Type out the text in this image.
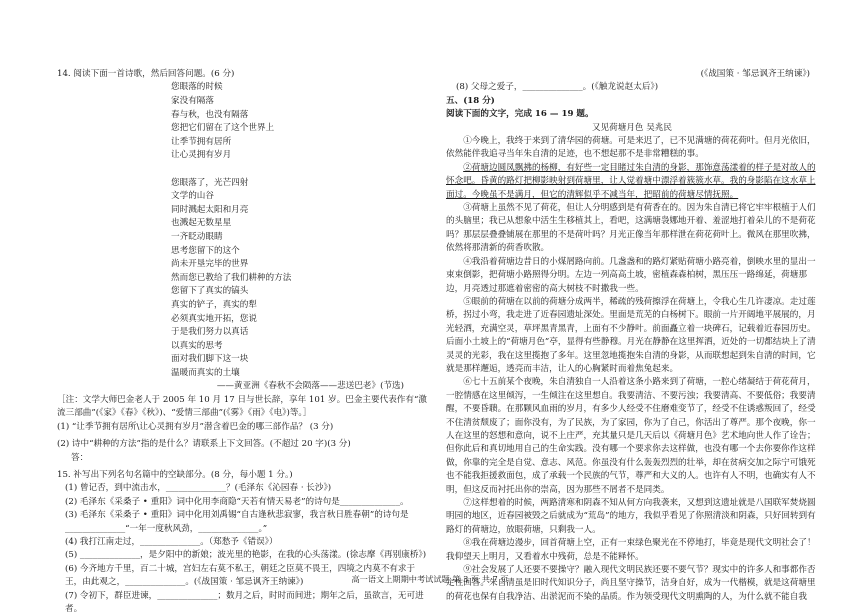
14. 阅读下面一首诗歌，然后回答问题。(6 分)

您眼落的时候

家没有隔落

春与秋，也没有隔落

您把它们留在了这个世界上

让季节拥有居所

让心灵拥有岁月

您眼落了，光芒四射

文学的山谷

同时溅起太阳和月亮

也溅起无数星星

一齐眨动眼睛

思考您留下的这个

尚未开垦完毕的世界

然而您已教给了我们耕种的方法

您留下了真实的镐头

真实的铲子，真实的犁

必须真实地开拓，您说

于是我们努力以真话

以真实的思考

面对我们脚下这一块

温暖而真实的土壤

——黄亚洲《春秋不会陨落——悲送巴老》(节选)

［注：文学大师巴金老人于 2005 年 10 月 17 日与世长辞，享年 101 岁。巴金主要代表作有“激流三部曲”(《家》《春》《秋》)、“爱情三部曲”(《雾》《雨》《电》)等。］

(1) “让季节拥有居所\让心灵拥有岁月”潜含着巴金的哪三部作品？ (3 分)

(2) 诗中“耕种的方法”指的是什么？请联系上下文回答。(不超过 20 字)(3 分)

答：

15. 补写出下列名句名篇中的空缺部分。(8 分，每小题 1 分。)

(1) 曾记否，到中流击水，______________？(毛泽东《沁园春 · 长沙》)

(2) 毛泽东《采桑子 • 重阳》词中化用李商隐“天若有情天易老”的诗句是______________。

(3) 毛泽东《采桑子 • 重阳》词中化用刘禹锡“自古逢秋悲寂寥，我言秋日胜春朝”的诗句是______________“一年一度秋风劲，______________。”

(4) 我打江南走过，______________。（郑愁予《错误》）

(5) ______________，是夕阳中的新娘；波光里的艳影，在我的心头荡漾。(徐志摩《再别康桥》)

(6) 今齐地方千里，百二十城，宫妇左右莫不私王，朝廷之臣莫不畏王，四境之内莫不有求于王，由此观之，______________。(《战国策 · 邹忌讽齐王纳谏》)

(7) 令初下，群臣进谏，______________；数月之后，时时而间进；期年之后，虽欲言，无可进者。

(《战国策 · 邹忌讽齐王纳谏》)

(8) 父母之爱子，______________。(《触龙说赵太后》)

五、(18 分)

阅读下面的文字，完成 16 — 19 题。

又见荷塘月色 吴兆民

①今晚上，我终于来到了清华园的荷塘。可是来迟了，已不见满塘的荷花荷叶。但月光依旧，依然能伴我追寻当年朱自清的足迹，也不想起那不是非常糟糕的事。

②荷塘边圆凤飘拂的杨柳，有好些一定目睹过朱自清的身影，那饰意荡漾着的样子是对故人的怀念吧。昏黄的路灯把柳影映射到荷塘里，让人觉着塘中漂浮着簇簇水草。我的身影陷在这水草上面过。今晚虽不是满月，但它的清辉似乎不减当年，把昭前的荷塘尽情抚照。

③荷塘上虽然不见了荷花，但让人分明感到是有荷香在的。因为朱自清已将它牢牢根植于人们的头脑里；我已从想象中活生生移植其上，看吧，这满塘袅娜地开着、羞涩地打着朵儿的不是荷花吗？那层层叠叠铺展在那里的不是荷叶吗？月光正像当年那样泄在荷花荷叶上。微风在那里吹拂，依然将那清新的荷香吹散。

④我沿着荷塘边昔日的小煤屑路向前。几盏盏和的路灯紧贴荷塘小路亮着，倒映水里的显出一束束倒影，把荷塘小路照得分明。左边一列高高土坡，密植森森柏树，黑压压一路绵延，荷塘那边，月亮透过那遮着密密的高大树枝不时撒我一些。

⑤眼前的荷塘在以前的荷塘分成两半，稀疏的残荷擦浮在荷塘上，令我心生几许凄凉。走过莲桥，拐过小弯，我走进了近春园遗址深处。里面是荒芜的白杨树下。眼前一片开阔地平展展的，月光轻洒，充满空灵，草坪黑青黑青，上面有不少静叶。前面矗立着一块碑石，记载着近春园历史。后面小土坡上的“荷塘月色”亭，显得有些静穆。月光在静静在这里挥洒，近处的一切都结块上了清灵灵的光彩，我在这里揽抱了多年。这里忽地揽抱朱自清的身影，从而联想起到朱自清的时间，它就是那样邂逅，透亮而丰洁，让人的心胸紧时而着焦兔起来。

⑥七十五前某个夜晚，朱自清独自一人沿着这条小路来到了荷塘，一腔心绪凝结于荷花荷月，一腔情感在这里倾泻，一生倾注在这里想自。我要清洁、不要污浊；我要清高、不要低俗；我要清醒，不要昏聩。在那颗风血雨的岁月，有多少人经受不住磨难变节了，经受不住诱惑叛回了，经受不住清贫颓废了；面你没有，为了民族，为了家园，你为了自己，你活出了尊严。那个夜晚，你一人在这里的怒想和意向，说不上庄严，充其量只是几天后以《荷塘月色》艺术地向世人作了诠告；但你此后和真切地用自己的生命实践。没有哪一个要求你去这样做，也没有哪一个去你要你作这样做，你靠的完全是自觉、意志、风范。你虽没有什么轰轰烈烈的壮举，却在贫病交加之际宁可饿死也不能我拒援救面包，成了承载一个民族的气节，尊严和大义的人。也许有人不明，也确实有人不明，但这反而衬托出你的崇高，因为那些不屑者不是同类。

⑦这样想着的时候，两路清寒和阴森不知从何方向我袭来，又想到这遗址就是八国联军焚烧圆明园的地区，近春园被毁之后就成为“荒岛”的地方，我似乎看见了你照清淡和阴森，只好回转到有路灯的荷塘边，放眼荷塘，只剩我一人。

⑧我在荷塘边漫步，回首荷塘上空，正有一束绿色聚光在不停地打，毕竟是现代文明社会了！我仰望天上明月，又看着水中残荷，总是不能释怀。

⑨社会发展了人还要不要操守？融入现代文明民族还要不要气节？现实中的许多人和事都作否定性回答。朱自清虽是旧时代知识分子，尚且坚守操节，洁身自好，成为一代楷模，就是这荷塘里的荷花也保有自我净洁、出淤泥而不染的品质。作为领受现代文明熏陶的人，为什么就不能自我

高一语文上期期中考试试题 第 3 页 共 7 页
